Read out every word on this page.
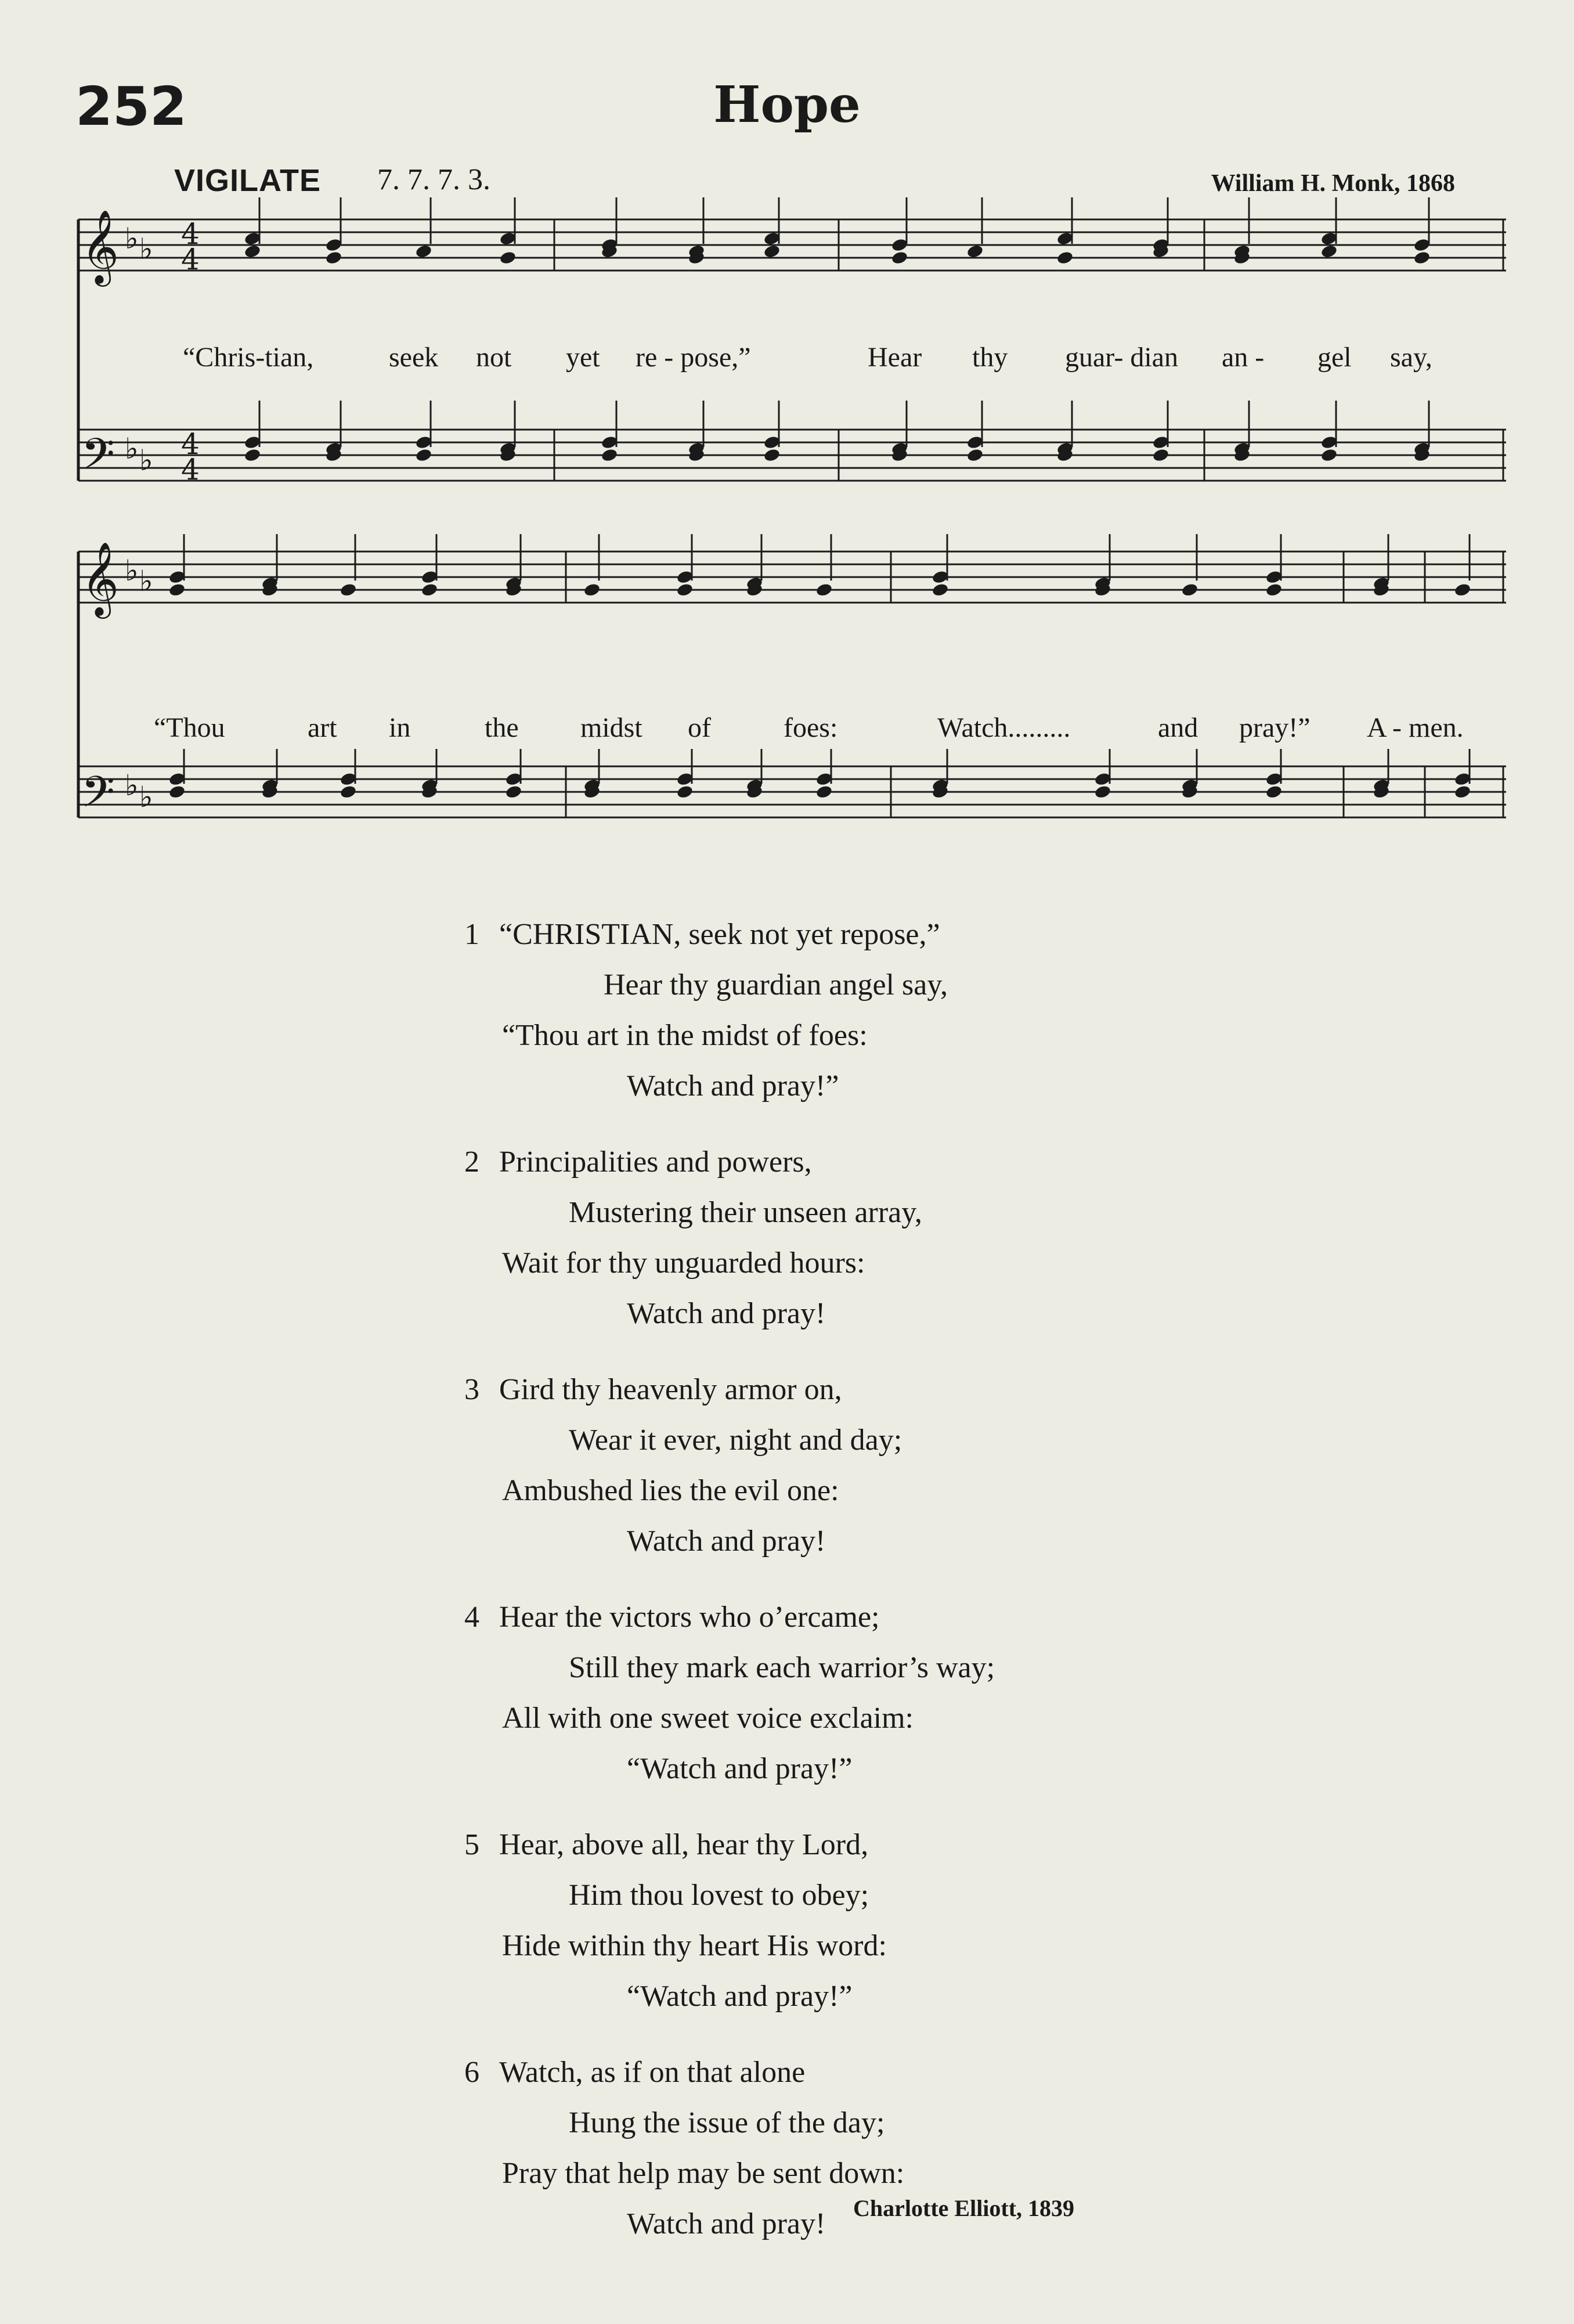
252	Hope
VIGILATE 7. 7. 7. 3.	William H. Monk, 1868
𝄞
𝄢
𝄞
𝄢
♭ ♭
♭ ♭
♭ ♭
♭ ♭
4
4
4
4
“Chris-tian,	seek not yet re - pose,”	Hear thy guar- dian an - gel say,
“Thou	art in	the midst of	foes:	Watch.........	and pray!” A - men.
1 “CHRISTIAN, seek not yet repose,”
Hear thy guardian angel say,
“Thou art in the midst of foes:
Watch and pray!”
2 Principalities and powers,
Mustering their unseen array,
Wait for thy unguarded hours:
Watch and pray!
3 Gird thy heavenly armor on,
Wear it ever, night and day;
Ambushed lies the evil one:
Watch and pray!
4 Hear the victors who o’ercame;
Still they mark each warrior’s way;
All with one sweet voice exclaim:
“Watch and pray!”
5 Hear, above all, hear thy Lord,
Him thou lovest to obey;
Hide within thy heart His word:
“Watch and pray!”
6 Watch, as if on that alone
Hung the issue of the day;
Pray that help may be sent down:
Watch and pray! Charlotte Elliott, 1839
